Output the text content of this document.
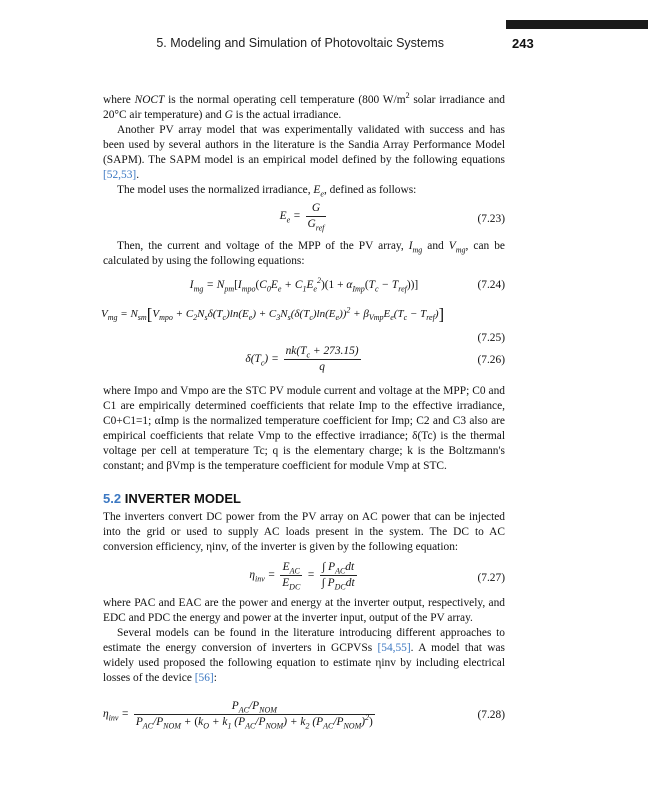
5. Modeling and Simulation of Photovoltaic Systems	243

where NOCT is the normal operating cell temperature (800 $W/m^2$ solar irradiance and 20°C air temperature) and G is the actual irradiance.

Another PV array model that was experimentally validated with success and has been used by several authors in the literature is the Sandia Array Performance Model (SAPM). The SAPM model is an empirical model defined by the following equations [52,53].

The model uses the normalized irradiance, $E_e$, defined as follows:

$E_e = \frac{G}{G_{ref}}$	(7.23)

Then, the current and voltage of the MPP of the PV array, $I_{mg}$ and $V_{mg}$, can be calculated by using the following equations:

$I_{mg} = N_{pm}[I_{mpo}(C_0E_e + C_1E_e^2)(1 + \alpha_{Imp}(T_c - T_{ref}))]$	(7.24)
$V_{mg} = N_{sm}[V_{mpo} + C_2N_s\delta(T_c)\ln(E_e) + C_3N_s(\delta(T_c)\ln(E_e))^2 + \beta_{Vmp}E_e(T_c - T_{ref})]$
(7.25)
$\delta(T_c) = \frac{nk(T_c + 273.15)}{q}$	(7.26)

where Impo and Vmpo are the STC PV module current and voltage at the MPP; C0 and C1 are empirically determined coefficients that relate Imp to the effective irradiance, C0+C1=1; αImp is the normalized temperature coefficient for Imp; C2 and C3 also are empirical coefficients that relate Vmp to the effective irradiance; δ(Tc) is the thermal voltage per cell at temperature Tc; q is the elementary charge; k is the Boltzmann's constant; and βVmp is the temperature coefficient for module Vmp at STC.

5.2 INVERTER MODEL

The inverters convert DC power from the PV array on AC power that can be injected into the grid or used to supply AC loads present in the system. The DC to AC conversion efficiency, ηinv, of the inverter is given by the following equation:

$\eta_{inv} = \frac{E_{AC}}{E_{DC}} = \frac{\int P_{AC}dt}{\int P_{DC}dt}$	(7.27)

where PAC and EAC are the power and energy at the inverter output, respectively, and EDC and PDC the energy and power at the inverter input, output of the PV array.

Several models can be found in the literature introducing different approaches to estimate the energy conversion of inverters in GCPVSs [54,55]. A model that was widely used proposed the following equation to estimate ηinv by including electrical losses of the device [56]:

$\eta_{inv} = \frac{P_{AC}/P_{NOM}}{P_{AC}/P_{NOM} + (k_O + k_1 (P_{AC}/P_{NOM}) + k_2 (P_{AC}/P_{NOM})^2)}$	(7.28)
